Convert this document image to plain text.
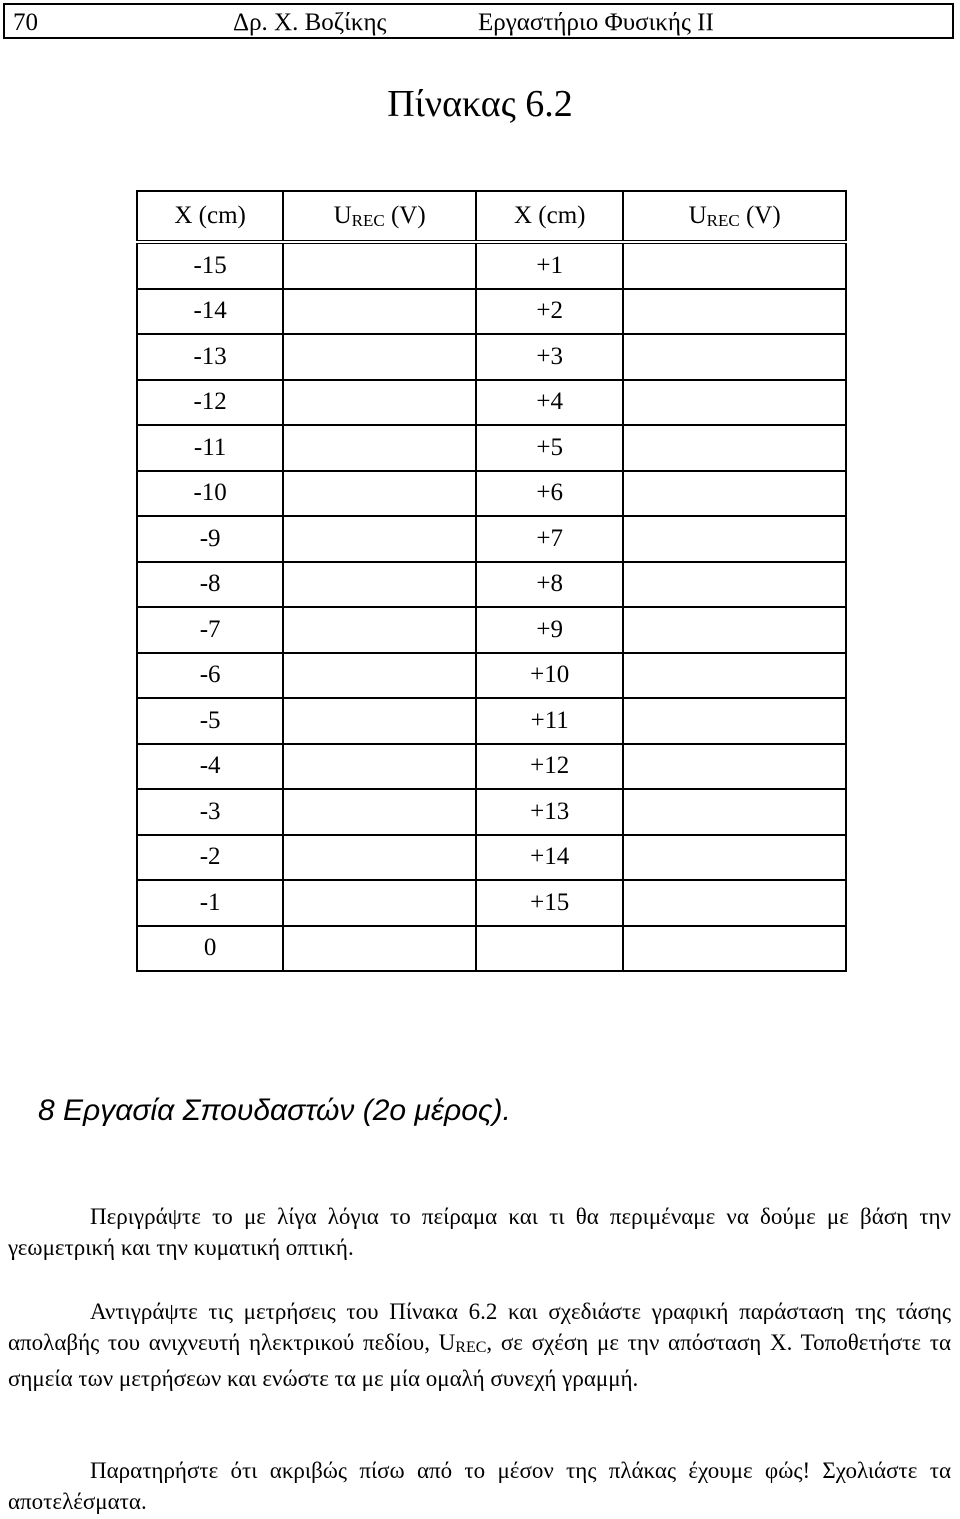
70	Δρ. Χ. Βοζίκης	Εργαστήριο Φυσικής ΙΙ
Πίνακας 6.2
X (cm)	$U_{REC}$ (V)	X (cm)	$U_{REC}$ (V)
-15		+1	
-14		+2	
-13		+3	
-12		+4	
-11		+5	
-10		+6	
-9		+7	
-8		+8	
-7		+9	
-6		+10	
-5		+11	
-4		+12	
-3		+13	
-2		+14	
-1		+15	
0			
8 Εργασία Σπουδαστών (2ο μέρος).

Περιγράψτε το με λίγα λόγια το πείραμα και τι θα περιμέναμε να δούμε με βάση την γεωμετρική και την κυματική οπτική.

Αντιγράψτε τις μετρήσεις του Πίνακα 6.2 και σχεδιάστε γραφική παράσταση της τάσης απολαβής του ανιχνευτή ηλεκτρικού πεδίου, $U_{REC}$, σε σχέση με την απόσταση Χ. Τοποθετήστε τα σημεία των μετρήσεων και ενώστε τα με μία ομαλή συνεχή γραμμή.

Παρατηρήστε ότι ακριβώς πίσω από το μέσον της πλάκας έχουμε φώς! Σχολιάστε τα αποτελέσματα.
